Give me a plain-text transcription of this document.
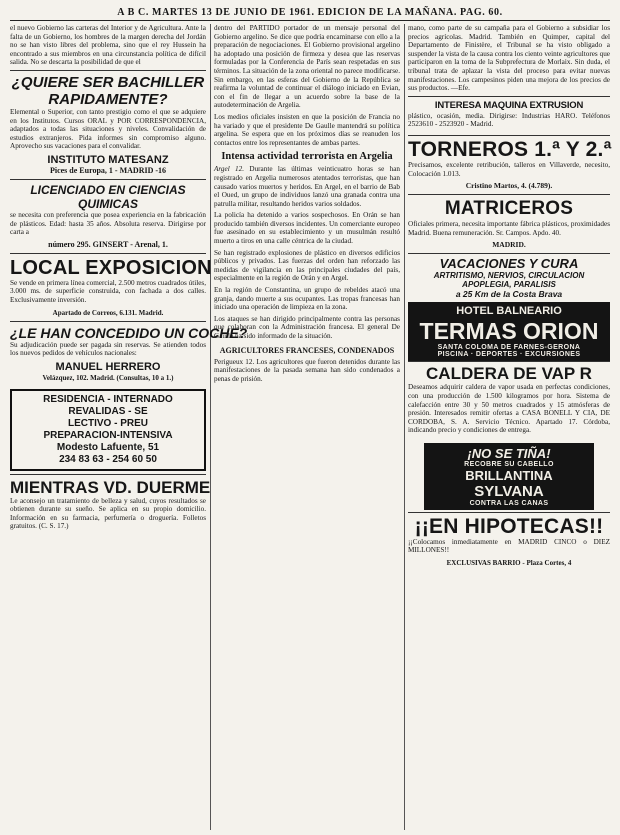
A B C. MARTES 13 DE JUNIO DE 1961. EDICION DE LA MAÑANA. PAG. 60.

el nuevo Gobierno las carteras del Interior y de Agricultura. Ante la falta de un Gobierno, los hombres de la margen derecha del Jordán no se han visto libres del problema, sino que el rey Hussein ha encontrado a sus miembros en una circunstancia política de difícil salida. No se descarta la posibilidad de que el

¿QUIERE SER BACHILLER RAPIDAMENTE?

Elemental o Superior, con tanto prestigio como el que se adquiere en los Institutos. Cursos ORAL y POR CORRESPONDENCIA, adaptados a todas las situaciones y niveles. Convalidación de estudios extranjeros. Pida informes sin compromiso alguno. Aprovecho sus vacaciones para el convalidar.

INSTITUTO MATESANZ
Pices de Europa, 1 - MADRID -16
LICENCIADO EN CIENCIAS QUIMICAS

se necesita con preferencia que posea experiencia en la fabricación de plásticos. Edad: hasta 35 años. Absoluta reserva. Dirigirse por carta a

número 295. GINSERT - Arenal, 1.
LOCAL EXPOSICION

Se vende en primera línea comercial, 2.500 metros cuadrados útiles, 3.000 ms. de superficie construida, con fachada a dos calles. Exclusivamente inversión.

Apartado de Correos, 6.131. Madrid.
¿LE HAN CONCEDIDO UN COCHE?

Su adjudicación puede ser pagada sin reservas. Se atienden todos los nuevos pedidos de vehículos nacionales:

MANUEL HERRERO
Velázquez, 102. Madrid. (Consultas, 10 a 1.)
RESIDENCIA - INTERNADO
REVALIDAS - SE
LECTIVO - PREU
PREPARACION-INTENSIVA
Modesto Lafuente, 51
234 83 63 - 254 60 50
MIENTRAS VD. DUERME

Le aconsejo un tratamiento de belleza y salud, cuyos resultados se obtienen durante su sueño. Se aplica en su propio domicilio. Información en su farmacia, perfumería o droguería. Folletos gratuitos. (C. S. 17.)

dentro del PARTIDO portador de un mensaje personal del Gobierno argelino. Se dice que podría encaminarse con ello a la preparación de negociaciones. El Gobierno provisional argelino ha adoptado una posición de firmeza y desea que las reservas formuladas por la Conferencia de París sean respetadas en sus términos. La situación de la zona oriental no parece modificarse. Sin embargo, en las esferas del Gobierno de la República se reafirma la voluntad de continuar el diálogo iniciado en Evian, con el fin de llegar a un acuerdo sobre la base de la autodeterminación de Argelia.

Los medios oficiales insisten en que la posición de Francia no ha variado y que el presidente De Gaulle mantendrá su política argelina. Se espera que en los próximos días se reanuden los contactos entre los representantes de ambas partes.

Intensa actividad terrorista en Argelia

Argel 12. Durante las últimas veinticuatro horas se han registrado en Argelia numerosos atentados terroristas, que han causado varios muertos y heridos. En Argel, en el barrio de Bab el Oued, un grupo de individuos lanzó una granada contra una patrulla militar, resultando heridos varios soldados.

La policía ha detenido a varios sospechosos. En Orán se han producido también diversos incidentes. Un comerciante europeo fue asesinado en su establecimiento y un musulmán resultó muerto a tiros en una calle céntrica de la ciudad.

Se han registrado explosiones de plástico en diversos edificios públicos y privados. Las fuerzas del orden han reforzado las medidas de vigilancia en las principales ciudades del país, especialmente en la región de Orán y en Argel.

En la región de Constantina, un grupo de rebeldes atacó una granja, dando muerte a sus ocupantes. Las tropas francesas han iniciado una operación de limpieza en la zona.

Los ataques se han dirigido principalmente contra las personas que colaboran con la Administración francesa. El general De Gaulle ha sido informado de la situación.

AGRICULTORES FRANCESES, CONDENADOS

Perigueux 12. Los agricultores que fueron detenidos durante las manifestaciones de la pasada semana han sido condenados a penas de prisión.

mano, como parte de su campaña para el Gobierno a subsidiar los precios agrícolas. Madrid. También en Quimper, capital del Departamento de Finistère, el Tribunal se ha visto obligado a suspender la vista de la causa contra los ciento veinte agricultores que participaron en la toma de la Subprefectura de Morlaix. Sin duda, el tribunal trata de aplazar la vista del proceso para evitar nuevas manifestaciones. Los campesinos piden una mejora de los precios de sus productos. —Efe.

INTERESA MAQUINA EXTRUSION

plástico, ocasión, media. Dirigirse: Industrias HARO. Teléfonos 2523610 - 2523920 - Madrid.

TORNEROS 1.ª Y 2.ª

Precisamos, excelente retribución, talleros en Villaverde, necesito, Colocación 1.013.

Cristino Martos, 4. (4.789).
MATRICEROS

Oficiales primera, necesita importante fábrica plásticos, proximidades Madrid. Buena remuneración. Sr. Campos. Apdo. 40.

MADRID.
VACACIONES Y CURA
ARTRITISMO, NERVIOS, CIRCULACION
APOPLEGIA, PARALISIS
a 25 Km de la Costa Brava
HOTEL BALNEARIO
TERMAS ORION
SANTA COLOMA DE FARNES-GERONA
PISCINA · DEPORTES · EXCURSIONES
CALDERA DE VAP R

Deseamos adquirir caldera de vapor usada en perfectas condiciones, con una producción de 1.500 kilogramos por hora. Sistema de calefacción entre 30 y 50 metros cuadrados y 15 atmósferas de presión. Interesados remitir ofertas a CASA BONELL Y CIA, DE CORDOBA, S. A. Servicio Técnico. Apartado 17. Córdoba, indicando precio y condiciones de entrega.

¡NO SE TIÑA!
RECOBRE SU CABELLO
BRILLANTINA
SYLVANA
CONTRA LAS CANAS
¡¡EN HIPOTECAS!!

¡¡Colocamos inmediatamente en MADRID CINCO o DIEZ MILLONES!!

EXCLUSIVAS BARRIO - Plaza Cortes, 4
